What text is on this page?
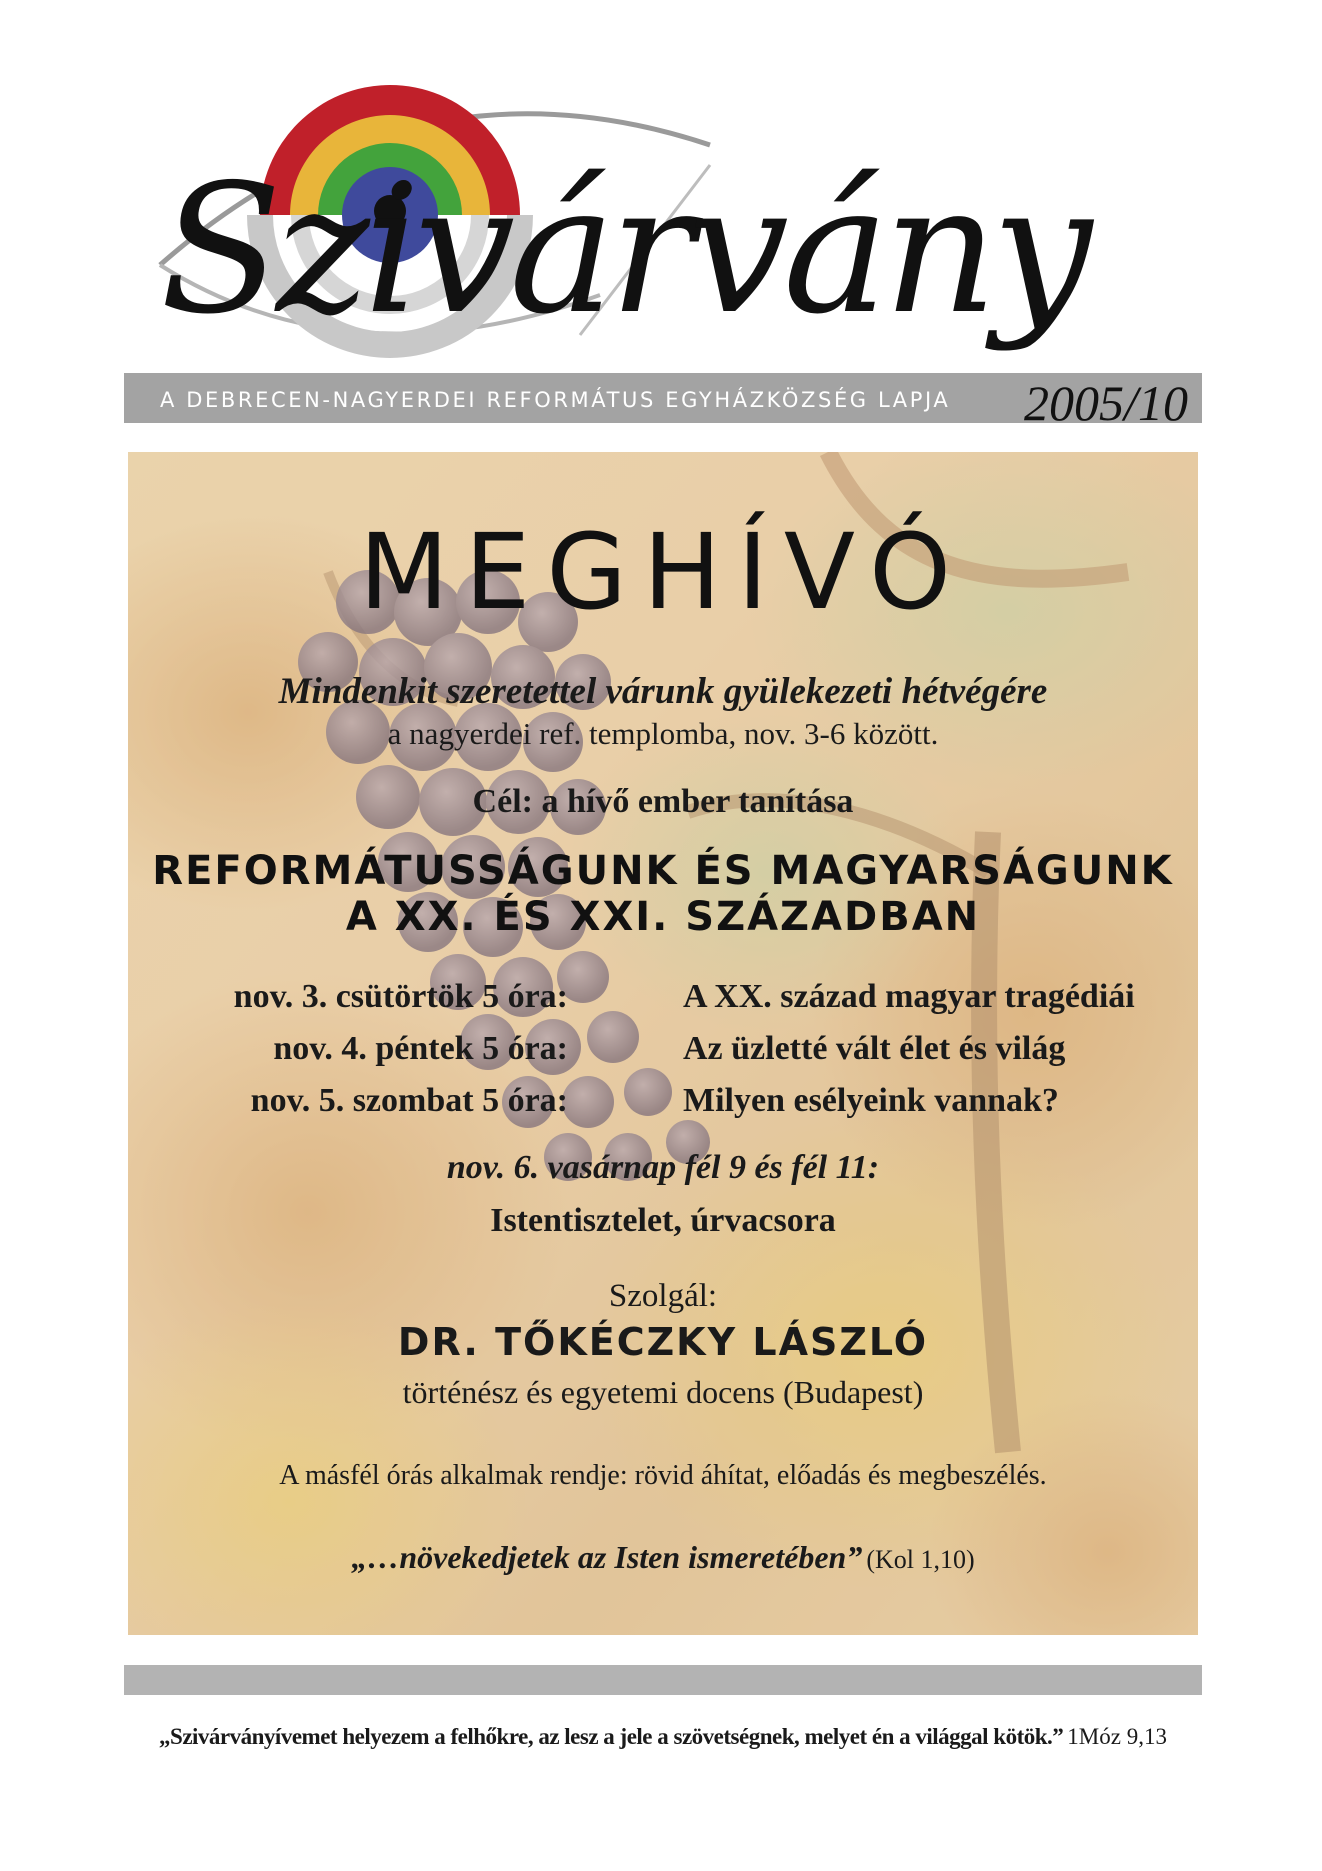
Szivárvány
A DEBRECEN-NAGYERDEI REFORMÁTUS EGYHÁZKÖZSÉG LAPJA	2005/10
MEGHÍVÓ
Mindenkit szeretettel várunk gyülekezeti hétvégére
a nagyerdei ref. templomba, nov. 3-6 között.
Cél: a hívő ember tanítása
REFORMÁTUSSÁGUNK ÉS MAGYARSÁGUNK
A XX. ÉS XXI. SZÁZADBAN
nov. 3. csütörtök 5 óra:	A XX. század magyar tragédiái
nov. 4. péntek 5 óra:	Az üzletté vált élet és világ
nov. 5. szombat 5 óra:	Milyen esélyeink vannak?
nov. 6. vasárnap fél 9 és fél 11:
Istentisztelet, úrvacsora
Szolgál:
DR. TŐKÉCZKY LÁSZLÓ
történész és egyetemi docens (Budapest)
A másfél órás alkalmak rendje: rövid áhítat, előadás és megbeszélés.
„…növekedjetek az Isten ismeretében” (Kol 1,10)
„Szivárványívemet helyezem a felhőkre, az lesz a jele a szövetségnek, melyet én a világgal kötök.” 1Móz 9,13
